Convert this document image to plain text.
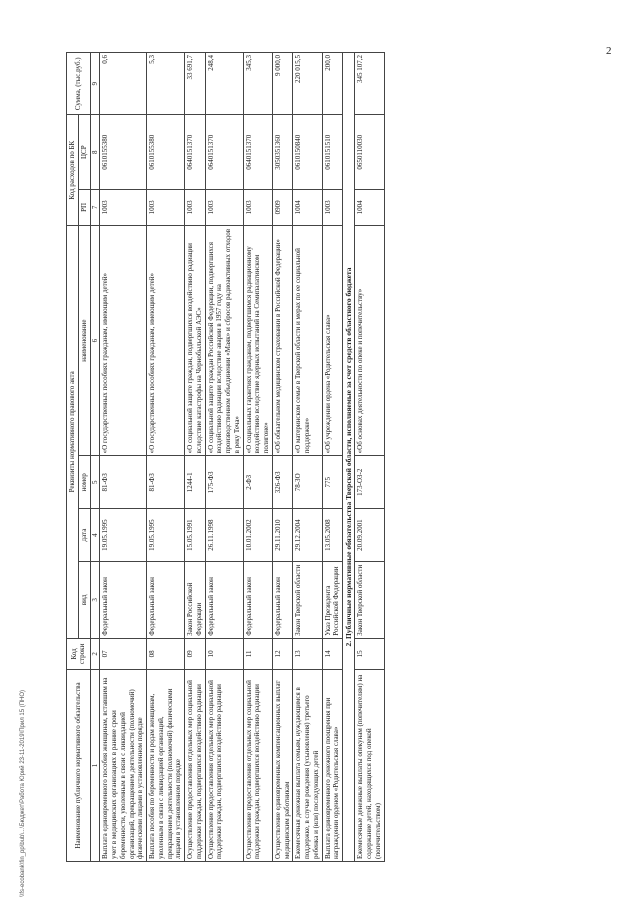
2
\\fs-ecobank\fin_pp\bub\...\Бюджет\Работа Юрий 23-11-2019\Прил 15 (ПНО)	Наименование публичного нормативного обязательства	Код строки	Реквизиты нормативного правового акта				Код расходов по БК		Сумма, (тыс.руб.)
		вид	дата	номер	наименование	РП	ЦСР	
1	2	3	4	5	6	7	8	9
Выплата единовременного пособия женщинам, вставшим на учет в медицинских организациях в ранние сроки беременности, уволенным в связи с ликвидацией организаций, прекращением деятельности (полномочий) физическими лицами в установленном порядке	07	Федеральный закон	19.05.1995	81-ФЗ	«О государственных пособиях гражданам, имеющим детей»	1003	0610155380	0,6
Выплата пособия по беременности и родам женщинам, уволенным в связи с ликвидацией организаций, прекращением деятельности (полномочий) физическими лицами в установленном порядке	08	Федеральный закон	19.05.1995	81-ФЗ	«О государственных пособиях гражданам, имеющим детей»	1003	0610155380	5,3
Осуществление предоставления отдельных мер социальной поддержки граждан, подвергшихся воздействию радиации	09	Закон Российской Федерации	15.05.1991	1244-1	«О социальной защите граждан, подвергшихся воздействию радиации вследствие катастрофы на Чернобыльской АЭС»	1003	0640151370	33 691,7
Осуществление предоставления отдельных мер социальной поддержки граждан, подвергшихся воздействию радиации	10	Федеральный закон	26.11.1998	175-ФЗ	«О социальной защите граждан Российской Федерации, подвергшихся воздействию радиации вследствие аварии в 1957 году на производственном объединении «Маяк» и сбросов радиоактивных отходов в реку Теча»	1003	0640151370	248,4
Осуществление предоставления отдельных мер социальной поддержки граждан, подвергшихся воздействию радиации	11	Федеральный закон	10.01.2002	2-ФЗ	«О социальных гарантиях гражданам, подвергшимся радиационному воздействию вследствие ядерных испытаний на Семипалатинском полигоне»	1003	0640151370	345,3
Осуществление единовременных компенсационных выплат медицинским работникам	12	Федеральный закон	29.11.2010	326-ФЗ	«Об обязательном медицинском страховании в Российской Федерации»	0909	3050351360	9 000,0
Ежемесячная денежная выплата семьям, нуждающимся в поддержке, в случае рождения (усыновления) третьего ребенка и (или) последующих детей	13	Закон Тверской области	29.12.2004	78-ЗО	«О материнском семье в Тверской области и мерах по ее социальной поддержке»	1004	0610150840	220 015,5
Выплата единовременного денежного поощрения при награждении орденом «Родительская слава»	14	Указ Президента Российской Федерации	13.05.2008	775	«Об учреждении ордена «Родительская слава»	1003	0610151510	200,0
2. Публичные нормативные обязательства Тверской области, исполняемые за счет средств областного бюджета								
Ежемесячные денежные выплаты опекунам (попечителям) на содержание детей, находящихся под опекой (попечительством)	15	Закон Тверской области	20.09.2001	173-ОЗ-2	«Об основах деятельности по опеке и попечительству»	1004	0650110030	345 107,2
